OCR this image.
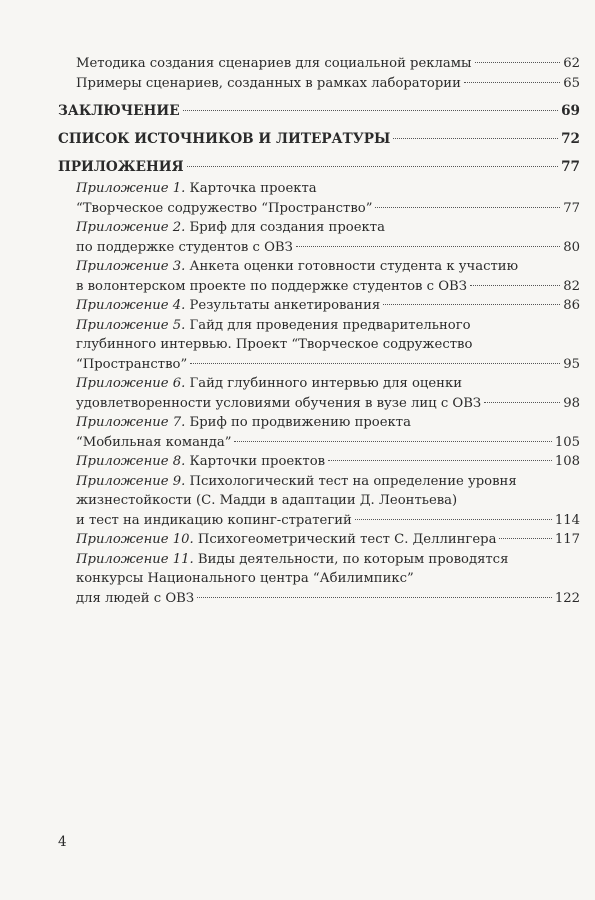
Методика создания сценариев для социальной рекламы	62
Примеры сценариев, созданных в рамках лаборатории	65
ЗАКЛЮЧЕНИЕ	69
СПИСОК ИСТОЧНИКОВ И ЛИТЕРАТУРЫ	72
ПРИЛОЖЕНИЯ	77
Приложение 1. Карточка проекта
“Творческое содружество “Пространство”	77
Приложение 2. Бриф для создания проекта
по поддержке студентов с ОВЗ	80
Приложение 3. Анкета оценки готовности студента к участию
в волонтерском проекте по поддержке студентов с ОВЗ	82
Приложение 4. Результаты анкетирования	86
Приложение 5. Гайд для проведения предварительного
глубинного интервью. Проект “Творческое содружество
“Пространство”	95
Приложение 6. Гайд глубинного интервью для оценки
удовлетворенности условиями обучения в вузе лиц с ОВЗ	98
Приложение 7. Бриф по продвижению проекта
“Мобильная команда”	105
Приложение 8. Карточки проектов	108
Приложение 9. Психологический тест на определение уровня
жизнестойкости (С. Мадди в адаптации Д. Леонтьева)
и тест на индикацию копинг-стратегий	114
Приложение 10. Психогеометрический тест С. Деллингера	117
Приложение 11. Виды деятельности, по которым проводятся
конкурсы Национального центра “Абилимпикс”
для людей с ОВЗ	122
4
